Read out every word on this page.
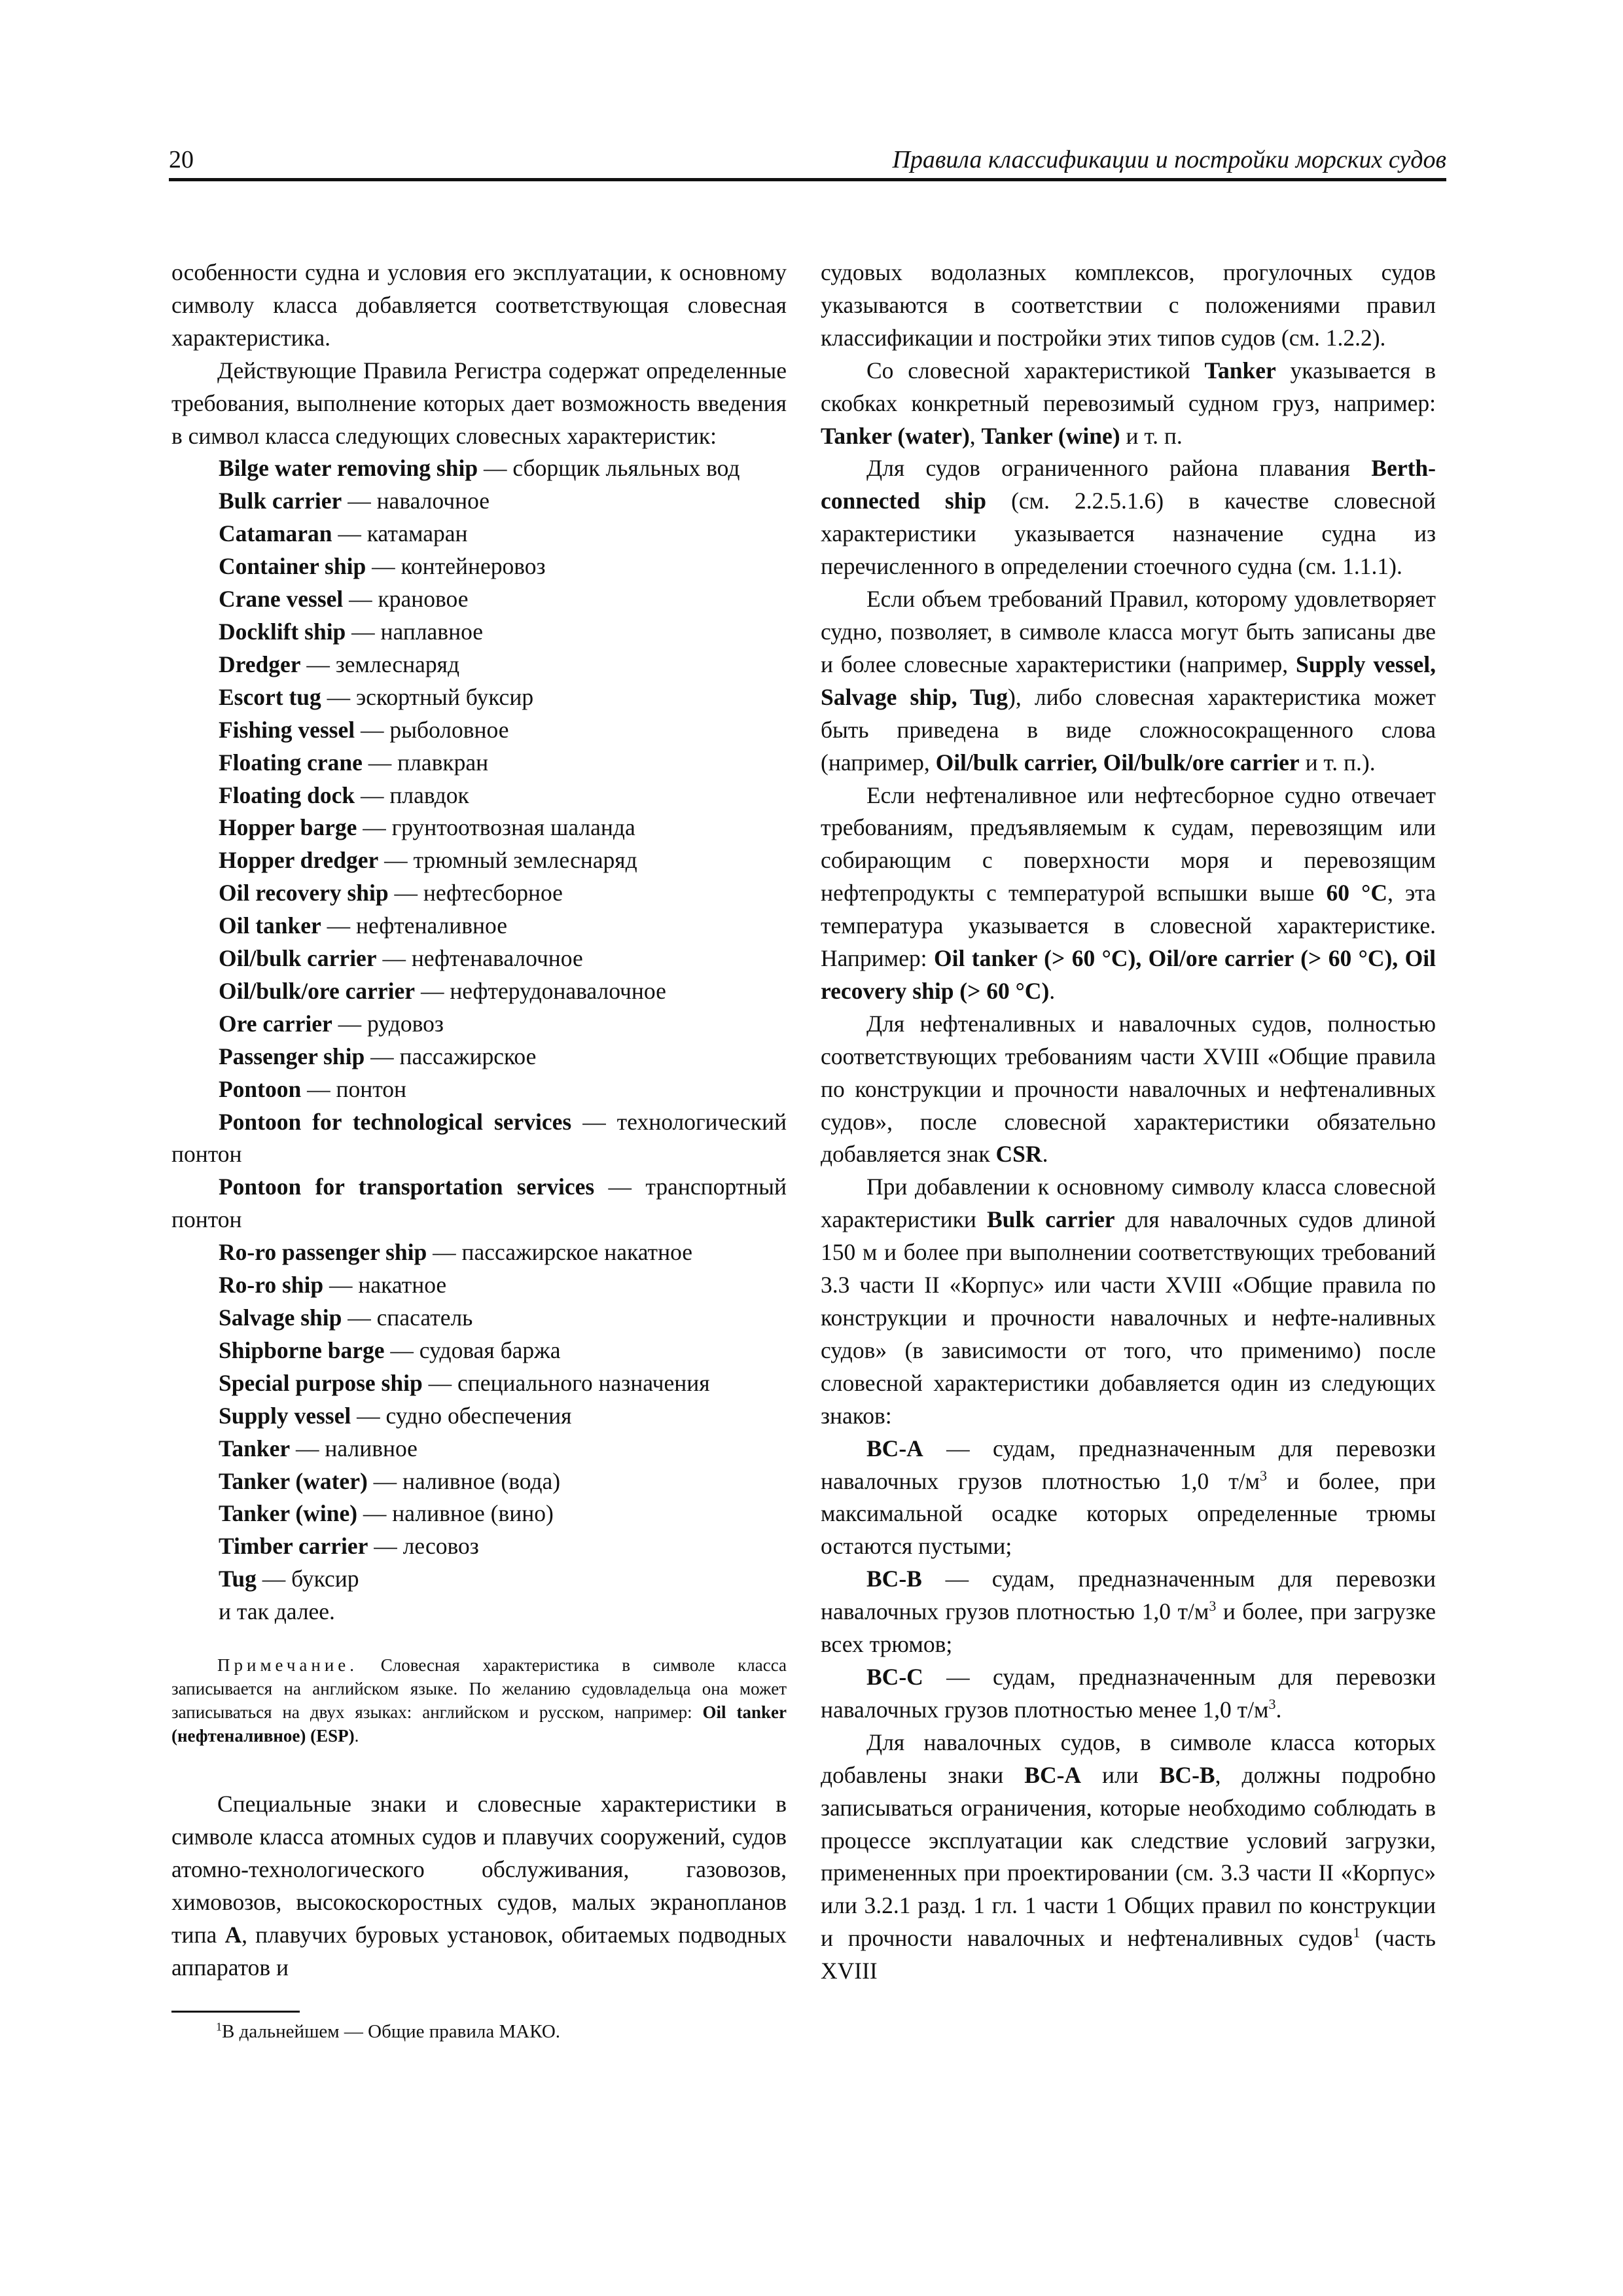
20	Правила классификации и постройки морских судов

особенности судна и условия его эксплуатации, к основному символу класса добавляется соответствующая словесная характеристика.

Действующие Правила Регистра содержат определенные требования, выполнение которых дает возможность введения в символ класса следующих словесных характеристик:

Bilge water removing ship — сборщик льяльных вод
Bulk carrier — навалочное
Catamaran — катамаран
Container ship — контейнеровоз
Crane vessel — крановое
Docklift ship — наплавное
Dredger — землеснаряд
Escort tug — эскортный буксир
Fishing vessel — рыболовное
Floating crane — плавкран
Floating dock — плавдок
Hopper barge — грунтоотвозная шаланда
Hopper dredger — трюмный землеснаряд
Oil recovery ship — нефтесборное
Oil tanker — нефтеналивное
Oil/bulk carrier — нефтенавалочное
Oil/bulk/ore carrier — нефтерудонавалочное
Ore carrier — рудовоз
Passenger ship — пассажирское
Pontoon — понтон
Pontoon for technological services — технологический понтон
Pontoon for transportation services — транспортный понтон
Ro-ro passenger ship — пассажирское накатное
Ro-ro ship — накатное
Salvage ship — спасатель
Shipborne barge — судовая баржа
Special purpose ship — специального назначения
Supply vessel — судно обеспечения
Tanker — наливное
Tanker (water) — наливное (вода)
Tanker (wine) — наливное (вино)
Timber carrier — лесовоз
Tug — буксир

и так далее.

Примечание. Словесная характеристика в символе класса записывается на английском языке. По желанию судовладельца она может записываться на двух языках: английском и русском, например: Oil tanker (нефтеналивное) (ESP).

Специальные знаки и словесные характеристики в символе класса атомных судов и плавучих сооружений, судов атомно-технологического обслуживания, газовозов, химовозов, высокоскоростных судов, малых экранопланов типа А, плавучих буровых установок, обитаемых подводных аппаратов и

$^1$В дальнейшем — Общие правила МАКО.

судовых водолазных комплексов, прогулочных судов указываются в соответствии с положениями правил классификации и постройки этих типов судов (см. 1.2.2).

Со словесной характеристикой Tanker указывается в скобках конкретный перевозимый судном груз, например: Tanker (water), Tanker (wine) и т. п.

Для судов ограниченного района плавания Berth-connected ship (см. 2.2.5.1.6) в качестве словесной характеристики указывается назначение судна из перечисленного в определении стоечного судна (см. 1.1.1).

Если объем требований Правил, которому удовлетворяет судно, позволяет, в символе класса могут быть записаны две и более словесные характеристики (например, Supply vessel, Salvage ship, Tug), либо словесная характеристика может быть приведена в виде сложносокращенного слова (например, Oil/bulk carrier, Oil/bulk/ore carrier и т. п.).

Если нефтеналивное или нефтесборное судно отвечает требованиям, предъявляемым к судам, перевозящим или собирающим с поверхности моря и перевозящим нефтепродукты с температурой вспышки выше 60 °С, эта температура указывается в словесной характеристике. Например: Oil tanker (> 60 °C), Oil/ore carrier (> 60 °C), Oil recovery ship (> 60 °C).

Для нефтеналивных и навалочных судов, полностью соответствующих требованиям части XVIII «Общие правила по конструкции и прочности навалочных и нефтеналивных судов», после словесной характеристики обязательно добавляется знак CSR.

При добавлении к основному символу класса словесной характеристики Bulk carrier для навалочных судов длиной 150 м и более при выполнении соответствующих требований 3.3 части II «Корпус» или части XVIII «Общие правила по конструкции и прочности навалочных и нефте-наливных судов» (в зависимости от того, что применимо) после словесной характеристики добавляется один из следующих знаков:

ВС-А — судам, предназначенным для перевозки навалочных грузов плотностью 1,0 $т/м^3$ и более, при максимальной осадке которых определенные трюмы остаются пустыми;

ВС-В — судам, предназначенным для перевозки навалочных грузов плотностью 1,0 $т/м^3$ и более, при загрузке всех трюмов;

ВС-С — судам, предназначенным для перевозки навалочных грузов плотностью менее 1,0 $т/м^3$.

Для навалочных судов, в символе класса которых добавлены знаки ВС-А или ВС-В, должны подробно записываться ограничения, которые необходимо соблюдать в процессе эксплуатации как следствие условий загрузки, примененных при проектировании (см. 3.3 части II «Корпус» или 3.2.1 разд. 1 гл. 1 части 1 Общих правил по конструкции и прочности навалочных и нефтеналивных судов$^1$ (часть XVIII
